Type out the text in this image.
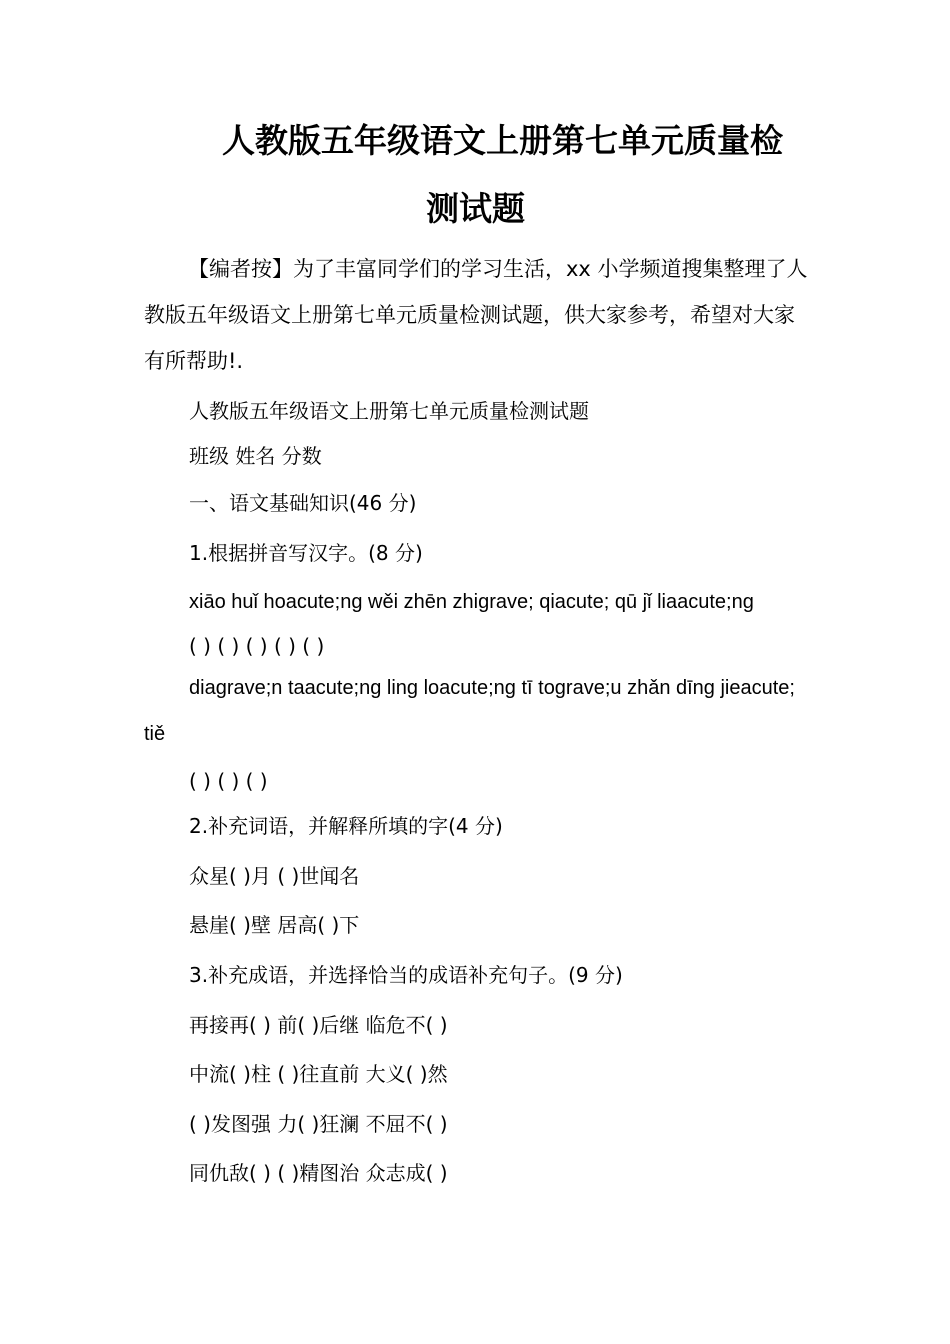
人教版五年级语文上册第七单元质量检
测试题

【编者按】为了丰富同学们的学习生活，xx 小学频道搜集整理了人教版五年级语文上册第七单元质量检测试题，供大家参考，希望对大家有所帮助!.

人教版五年级语文上册第七单元质量检测试题
班级 姓名 分数
一、语文基础知识(46 分)
1.根据拼音写汉字。(8 分)
xiāo huǐ hoacute;ng wěi zhēn zhigrave; qiacute; qū jǐ liaacute;ng
( ) ( ) ( ) ( ) ( )

diagrave;n taacute;ng ling loacute;ng tī tograve;u zhǎn dīng jieacute; tiě

( ) ( ) ( )
2.补充词语，并解释所填的字(4 分)
众星( )月 ( )世闻名
悬崖( )壁 居高( )下
3.补充成语，并选择恰当的成语补充句子。(9 分)
再接再( ) 前( )后继 临危不( )
中流( )柱 ( )往直前 大义( )然
( )发图强 力( )狂澜 不屈不( )
同仇敌( ) ( )精图治 众志成( )
